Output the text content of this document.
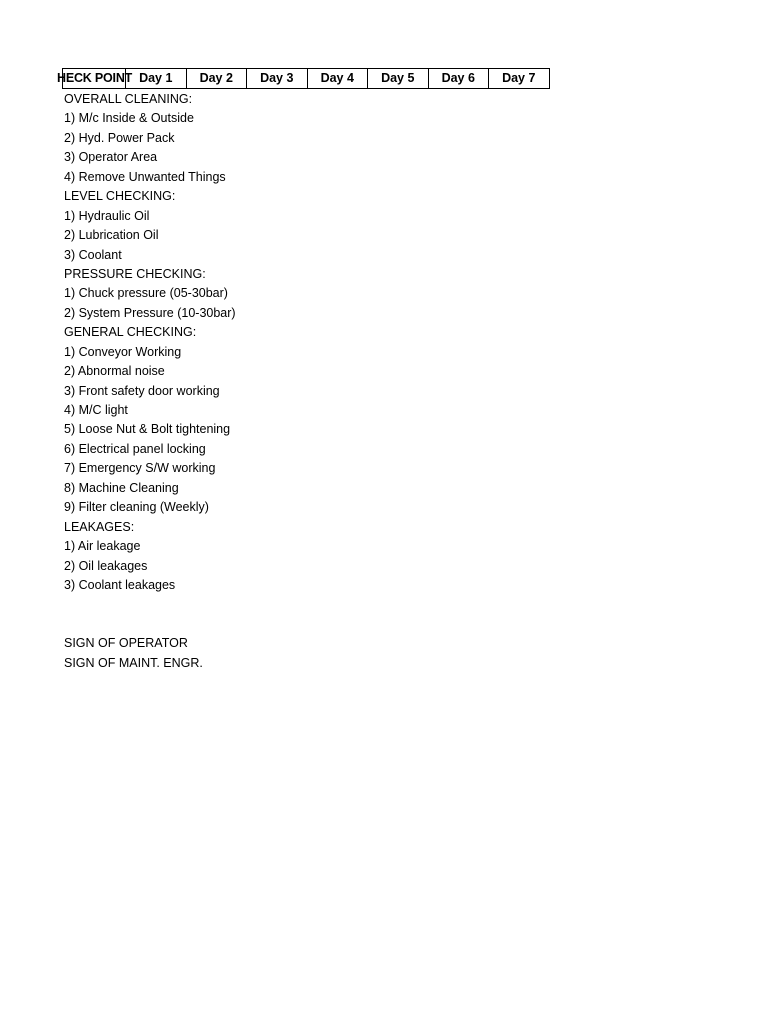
HECK POINT Day 1	Day 2	Day 3	Day 4	Day 5	Day 6	Day 7
OVERALL CLEANING:
1) M/c Inside & Outside
2) Hyd. Power Pack
3) Operator Area
4) Remove Unwanted Things
LEVEL CHECKING:
1) Hydraulic Oil
2) Lubrication Oil
3) Coolant
PRESSURE CHECKING:
1) Chuck pressure (05-30bar)
2) System Pressure (10-30bar)
GENERAL CHECKING:
1) Conveyor Working
2) Abnormal noise
3) Front safety door working
4) M/C light
5) Loose Nut & Bolt tightening
6) Electrical panel locking
7) Emergency S/W working
8) Machine Cleaning
9) Filter cleaning (Weekly)
LEAKAGES:
1) Air leakage
2) Oil leakages
3) Coolant leakages
SIGN OF OPERATOR
SIGN OF MAINT. ENGR.
